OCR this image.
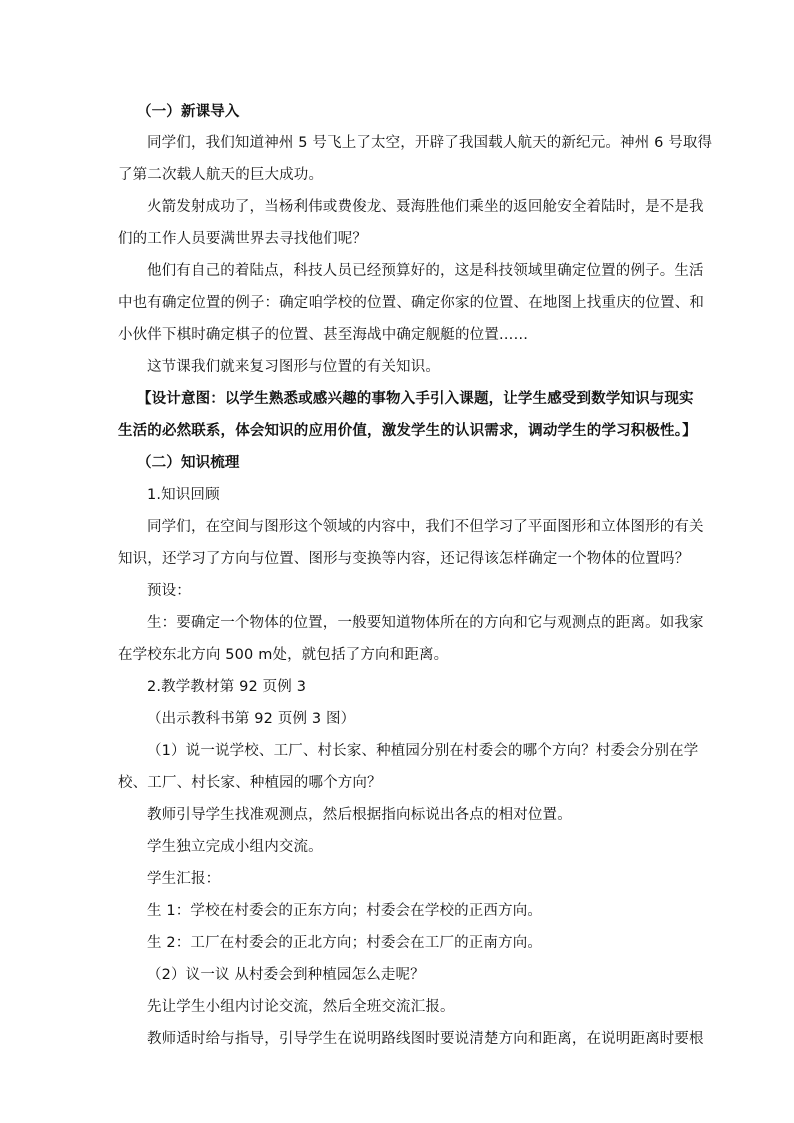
（一）新课导入
同学们，我们知道神州 5 号飞上了太空，开辟了我国载人航天的新纪元。神州 6 号取得
了第二次载人航天的巨大成功。
火箭发射成功了，当杨利伟或费俊龙、聂海胜他们乘坐的返回舱安全着陆时，是不是我
们的工作人员要满世界去寻找他们呢？
他们有自己的着陆点，科技人员已经预算好的，这是科技领域里确定位置的例子。生活
中也有确定位置的例子：确定咱学校的位置、确定你家的位置、在地图上找重庆的位置、和
小伙伴下棋时确定棋子的位置、甚至海战中确定舰艇的位置……
这节课我们就来复习图形与位置的有关知识。
【设计意图：以学生熟悉或感兴趣的事物入手引入课题，让学生感受到数学知识与现实
生活的必然联系，体会知识的应用价值，激发学生的认识需求，调动学生的学习积极性。】
（二）知识梳理
1.知识回顾
同学们，在空间与图形这个领域的内容中，我们不但学习了平面图形和立体图形的有关
知识，还学习了方向与位置、图形与变换等内容，还记得该怎样确定一个物体的位置吗？
预设：
生：要确定一个物体的位置，一般要知道物体所在的方向和它与观测点的距离。如我家
在学校东北方向 500 m处，就包括了方向和距离。
2.教学教材第 92 页例 3
（出示教科书第 92 页例 3 图）
（1）说一说学校、工厂、村长家、种植园分别在村委会的哪个方向？村委会分别在学
校、工厂、村长家、种植园的哪个方向？
教师引导学生找准观测点，然后根据指向标说出各点的相对位置。
学生独立完成小组内交流。
学生汇报：
生 1：学校在村委会的正东方向；村委会在学校的正西方向。
生 2：工厂在村委会的正北方向；村委会在工厂的正南方向。
（2）议一议 从村委会到种植园怎么走呢？
先让学生小组内讨论交流，然后全班交流汇报。
教师适时给与指导，引导学生在说明路线图时要说清楚方向和距离，在说明距离时要根
